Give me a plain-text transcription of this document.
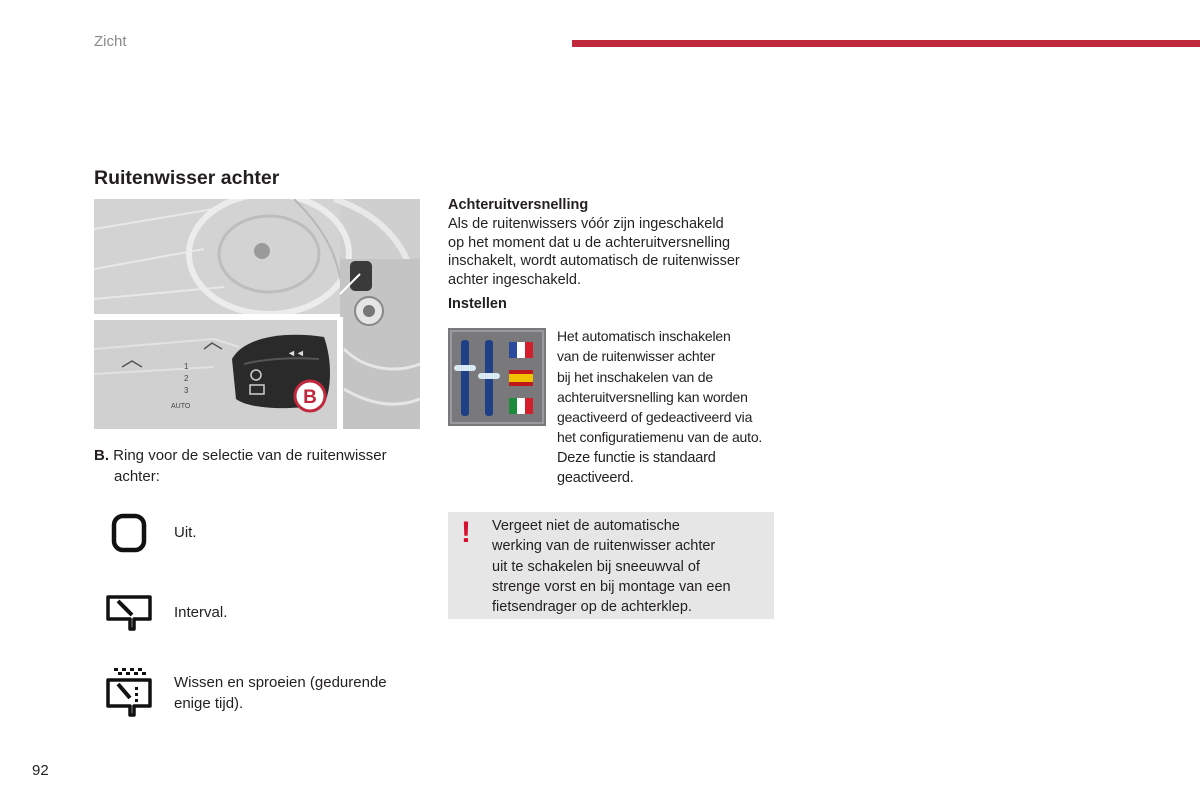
Zicht
Ruitenwisser achter
1
2
3
AUTO
◄◄
B
B. Ring voor de selectie van de ruitenwisser
achter:
Uit.
Interval.
Wissen en sproeien (gedurende
enige tijd).
Achteruitversnelling
Als de ruitenwissers vóór zijn ingeschakeld
op het moment dat u de achteruitversnelling
inschakelt, wordt automatisch de ruitenwisser
achter ingeschakeld.
Instellen
Het automatisch inschakelen
van de ruitenwisser achter
bij het inschakelen van de
achteruitversnelling kan worden
geactiveerd of gedeactiveerd via
het configuratiemenu van de auto.
Deze functie is standaard
geactiveerd.
! Vergeet niet de automatische
werking van de ruitenwisser achter
uit te schakelen bij sneeuwval of
strenge vorst en bij montage van een
fietsendrager op de achterklep.
92
